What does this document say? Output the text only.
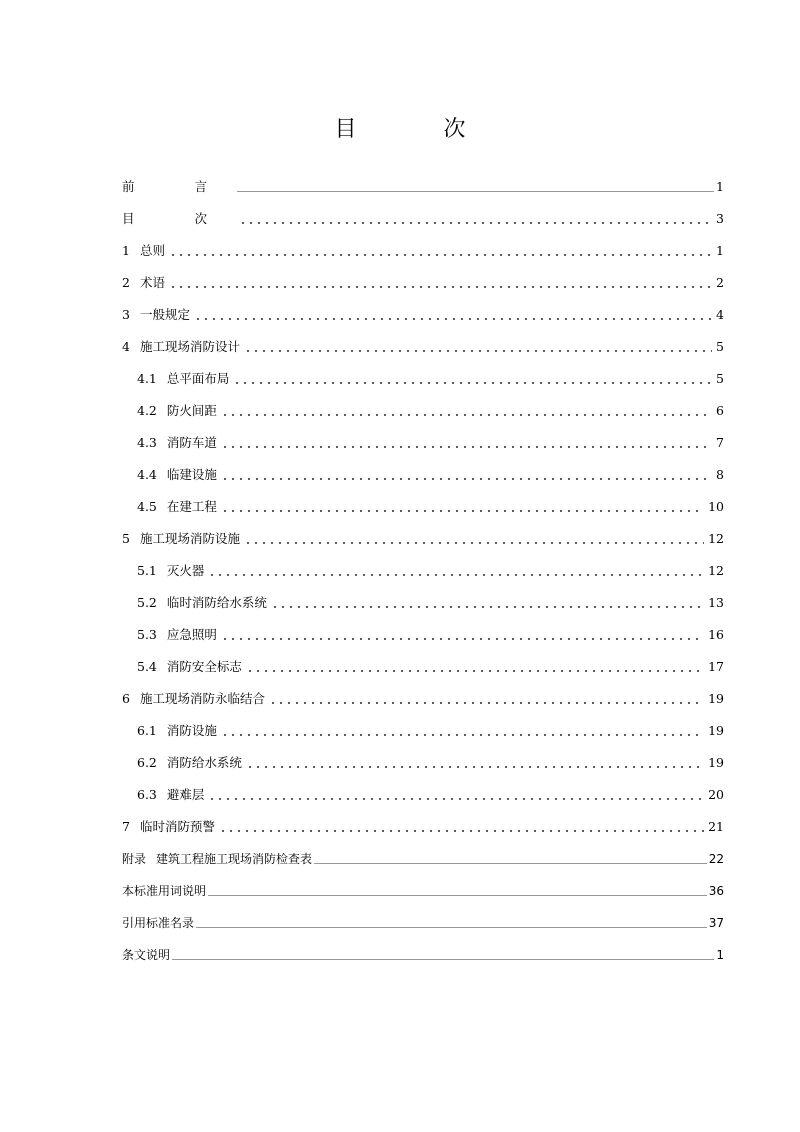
目 次
前 言	1
目 次	3
1 总则	1
2 术语	2
3 一般规定	4
4 施工现场消防设计	5
4.1 总平面布局	5
4.2 防火间距	6
4.3 消防车道	7
4.4 临建设施	8
4.5 在建工程	10
5 施工现场消防设施	12
5.1 灭火器	12
5.2 临时消防给水系统	13
5.3 应急照明	16
5.4 消防安全标志	17
6 施工现场消防永临结合	19
6.1 消防设施	19
6.2 消防给水系统	19
6.3 避难层	20
7 临时消防预警	21
附录 建筑工程施工现场消防检查表	22
本标准用词说明	36
引用标准名录	37
条文说明	1
